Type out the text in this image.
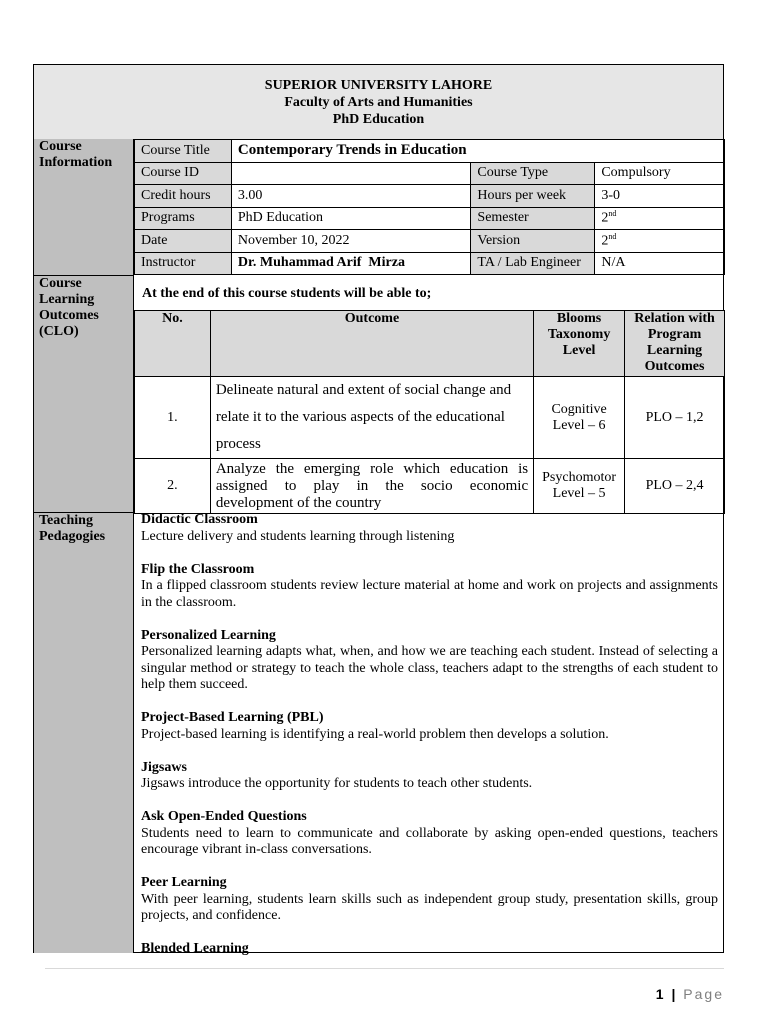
SUPERIOR UNIVERSITY LAHORE
Faculty of Arts and Humanities
PhD Education
Course Information
Course Learning Outcomes (CLO)
Teaching Pedagogies
Course Title	Contemporary Trends in Education		
Course ID		Course Type	Compulsory
Credit hours	3.00	Hours per week	3-0
Programs	PhD Education	Semester	2nd
Date	November 10, 2022	Version	2nd
Instructor	Dr. Muhammad Arif  Mirza	TA / Lab Engineer	N/A
At the end of this course students will be able to;
No.	Outcome	Blooms Taxonomy Level	Relation with Program Learning Outcomes
1.	Delineate natural and extent of social change and relate it to the various aspects of the educational process	Cognitive Level – 6	PLO – 1,2
2.	Analyze the emerging role which education is assigned to play in the socio economic development of the country	Psychomotor Level – 5	PLO – 2,4
Didactic Classroom
Lecture delivery and students learning through listening
Flip the Classroom
In a flipped classroom students review lecture material at home and work on projects and assignments in the classroom.
Personalized Learning
Personalized learning adapts what, when, and how we are teaching each student. Instead of selecting a singular method or strategy to teach the whole class, teachers adapt to the strengths of each student to help them succeed.
Project-Based Learning (PBL)
Project-based learning is identifying a real-world problem then develops a solution.
Jigsaws
Jigsaws introduce the opportunity for students to teach other students.
Ask Open-Ended Questions
Students need to learn to communicate and collaborate by asking open-ended questions, teachers encourage vibrant in-class conversations.
Peer Learning
With peer learning, students learn skills such as independent group study, presentation skills, group projects, and confidence.
Blended Learning
1 | Page
